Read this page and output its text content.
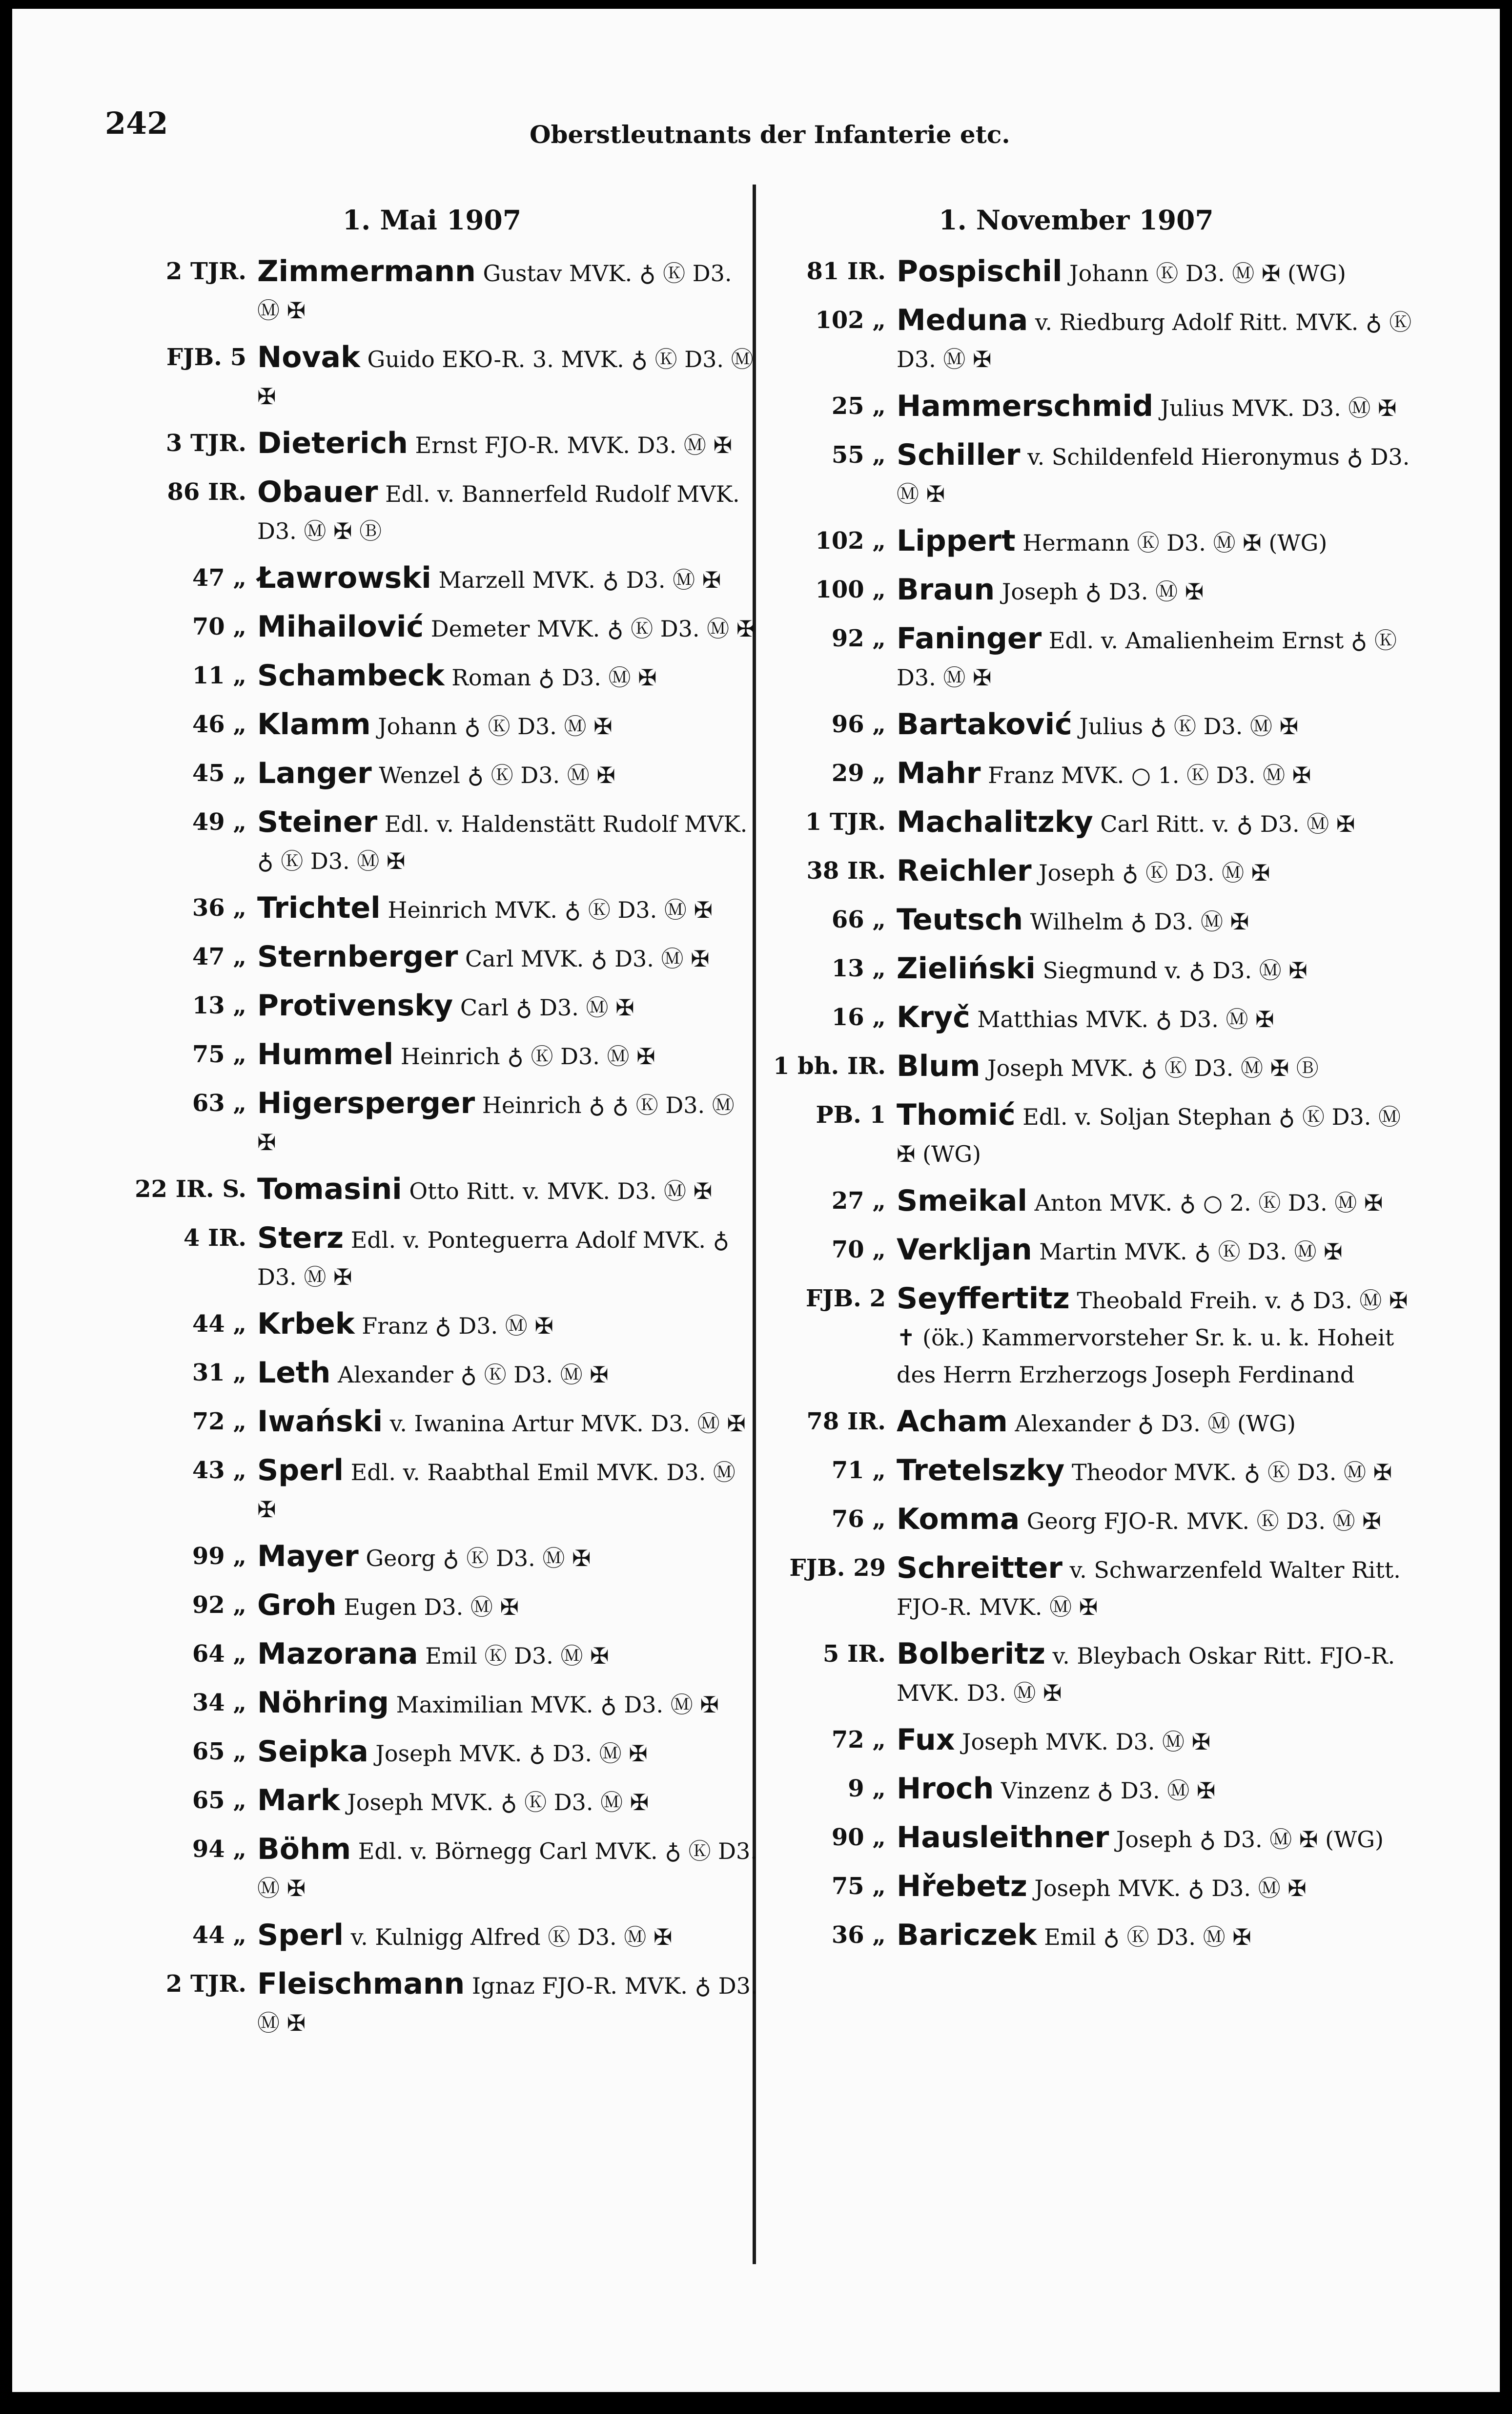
242	Oberstleutnants der Infanterie etc.
1. Mai 1907	1. November 1907
2 TJR. Zimmermann Gustav MVK. ♁ Ⓚ D3. Ⓜ ✠
FJB. 5 Novak Guido EKO-R. 3. MVK. ♁ Ⓚ D3. Ⓜ ✠
3 TJR. Dieterich Ernst FJO-R. MVK. D3. Ⓜ ✠
86 IR. Obauer Edl. v. Bannerfeld Rudolf MVK. D3. Ⓜ ✠ Ⓑ
47 „ Ławrowski Marzell MVK. ♁ D3. Ⓜ ✠
70 „ Mihailović Demeter MVK. ♁ Ⓚ D3. Ⓜ ✠
11 „ Schambeck Roman ♁ D3. Ⓜ ✠
46 „ Klamm Johann ♁ Ⓚ D3. Ⓜ ✠
45 „ Langer Wenzel ♁ Ⓚ D3. Ⓜ ✠
49 „ Steiner Edl. v. Haldenstätt Rudolf MVK. ♁ Ⓚ D3. Ⓜ ✠
36 „ Trichtel Heinrich MVK. ♁ Ⓚ D3. Ⓜ ✠
47 „ Sternberger Carl MVK. ♁ D3. Ⓜ ✠
13 „ Protivensky Carl ♁ D3. Ⓜ ✠
75 „ Hummel Heinrich ♁ Ⓚ D3. Ⓜ ✠
63 „ Higersperger Heinrich ♁ ♁ Ⓚ D3. Ⓜ ✠
22 IR. S. Tomasini Otto Ritt. v. MVK. D3. Ⓜ ✠
4 IR. Sterz Edl. v. Ponteguerra Adolf MVK. ♁ D3. Ⓜ ✠
44 „ Krbek Franz ♁ D3. Ⓜ ✠
31 „ Leth Alexander ♁ Ⓚ D3. Ⓜ ✠
72 „ Iwański v. Iwanina Artur MVK. D3. Ⓜ ✠
43 „ Sperl Edl. v. Raabthal Emil MVK. D3. Ⓜ ✠
99 „ Mayer Georg ♁ Ⓚ D3. Ⓜ ✠
92 „ Groh Eugen D3. Ⓜ ✠
64 „ Mazorana Emil Ⓚ D3. Ⓜ ✠
34 „ Nöhring Maximilian MVK. ♁ D3. Ⓜ ✠
65 „ Seipka Joseph MVK. ♁ D3. Ⓜ ✠
65 „ Mark Joseph MVK. ♁ Ⓚ D3. Ⓜ ✠
94 „ Böhm Edl. v. Börnegg Carl MVK. ♁ Ⓚ D3. Ⓜ ✠
44 „ Sperl v. Kulnigg Alfred Ⓚ D3. Ⓜ ✠
2 TJR. Fleischmann Ignaz FJO-R. MVK. ♁ D3. Ⓜ ✠
81 IR. Pospischil Johann Ⓚ D3. Ⓜ ✠ (WG)
102 „ Meduna v. Riedburg Adolf Ritt. MVK. ♁ Ⓚ D3. Ⓜ ✠
25 „ Hammerschmid Julius MVK. D3. Ⓜ ✠
55 „ Schiller v. Schildenfeld Hieronymus ♁ D3. Ⓜ ✠
102 „ Lippert Hermann Ⓚ D3. Ⓜ ✠ (WG)
100 „ Braun Joseph ♁ D3. Ⓜ ✠
92 „ Faninger Edl. v. Amalienheim Ernst ♁ Ⓚ D3. Ⓜ ✠
96 „ Bartaković Julius ♁ Ⓚ D3. Ⓜ ✠
29 „ Mahr Franz MVK. ○ 1. Ⓚ D3. Ⓜ ✠
1 TJR. Machalitzky Carl Ritt. v. ♁ D3. Ⓜ ✠
38 IR. Reichler Joseph ♁ Ⓚ D3. Ⓜ ✠
66 „ Teutsch Wilhelm ♁ D3. Ⓜ ✠
13 „ Zieliński Siegmund v. ♁ D3. Ⓜ ✠
16 „ Kryč Matthias MVK. ♁ D3. Ⓜ ✠
1 bh. IR. Blum Joseph MVK. ♁ Ⓚ D3. Ⓜ ✠ Ⓑ
PB. 1 Thomić Edl. v. Soljan Stephan ♁ Ⓚ D3. Ⓜ ✠ (WG)
27 „ Smeikal Anton MVK. ♁ ○ 2. Ⓚ D3. Ⓜ ✠
70 „ Verkljan Martin MVK. ♁ Ⓚ D3. Ⓜ ✠
FJB. 2 Seyffertitz Theobald Freih. v. ♁ D3. Ⓜ ✠ ✝ (ök.) Kammervorsteher Sr. k. u. k. Hoheit des Herrn Erzherzogs Joseph Ferdinand
78 IR. Acham Alexander ♁ D3. Ⓜ (WG)
71 „ Tretelszky Theodor MVK. ♁ Ⓚ D3. Ⓜ ✠
76 „ Komma Georg FJO-R. MVK. Ⓚ D3. Ⓜ ✠
FJB. 29 Schreitter v. Schwarzenfeld Walter Ritt. FJO-R. MVK. Ⓜ ✠
5 IR. Bolberitz v. Bleybach Oskar Ritt. FJO-R. MVK. D3. Ⓜ ✠
72 „ Fux Joseph MVK. D3. Ⓜ ✠
9 „ Hroch Vinzenz ♁ D3. Ⓜ ✠
90 „ Hausleithner Joseph ♁ D3. Ⓜ ✠ (WG)
75 „ Hřebetz Joseph MVK. ♁ D3. Ⓜ ✠
36 „ Bariczek Emil ♁ Ⓚ D3. Ⓜ ✠
